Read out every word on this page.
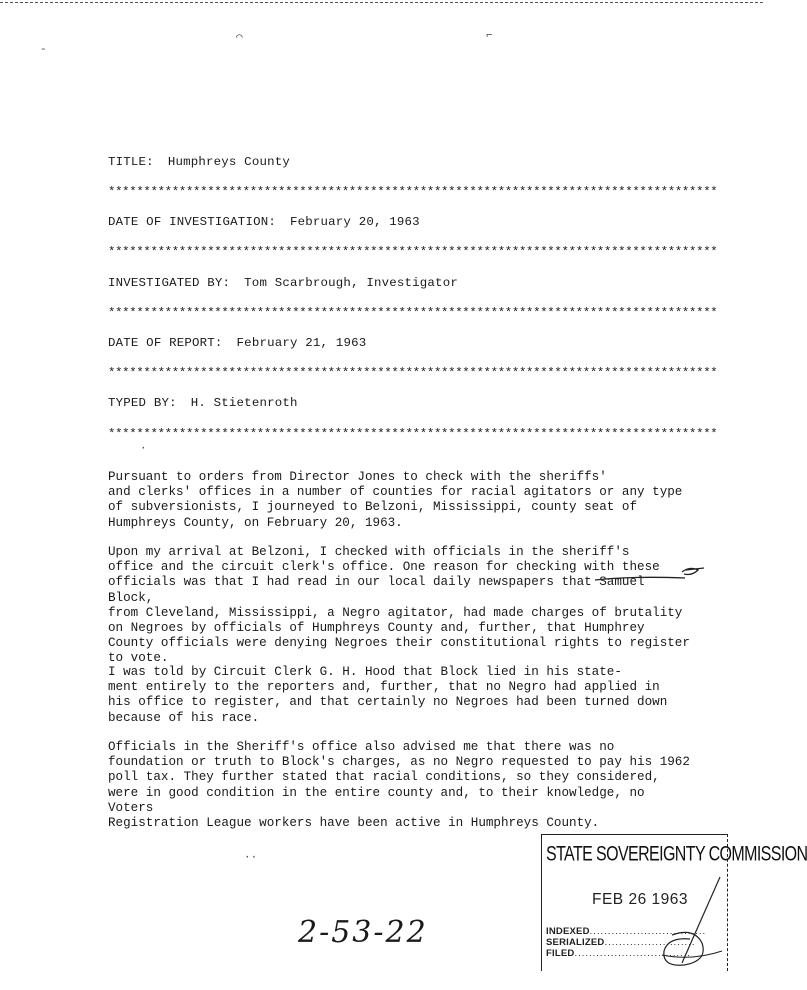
⌒	⌐
-
TITLE: Humphreys County
**************************************************************************************
DATE OF INVESTIGATION: February 20, 1963
**************************************************************************************
INVESTIGATED BY: Tom Scarbrough, Investigator
**************************************************************************************
DATE OF REPORT: February 21, 1963
**************************************************************************************
TYPED BY: H. Stietenroth
**************************************************************************************
Pursuant to orders from Director Jones to check with the sheriffs'
and clerks' offices in a number of counties for racial agitators or any type
of subversionists, I journeyed to Belzoni, Mississippi, county seat of
Humphreys County, on February 20, 1963.
Upon my arrival at Belzoni, I checked with officials in the sheriff's
office and the circuit clerk's office. One reason for checking with these
officials was that I had read in our local daily newspapers that Samuel Block,
from Cleveland, Mississippi, a Negro agitator, had made charges of brutality
on Negroes by officials of Humphreys County and, further, that Humphrey
County officials were denying Negroes their constitutional rights to register
to vote.
I was told by Circuit Clerk G. H. Hood that Block lied in his state-
ment entirely to the reporters and, further, that no Negro had applied in
his office to register, and that certainly no Negroes had been turned down
because of his race.
Officials in the Sheriff's office also advised me that there was no
foundation or truth to Block's charges, as no Negro requested to pay his 1962
poll tax. They further stated that racial conditions, so they considered,
were in good condition in the entire county and, to their knowledge, no Voters
Registration League workers have been active in Humphreys County.
STATE SOVEREIGNTY COMMISSION
FEB 26 1963
INDEXED................................
SERIALIZED.........................
FILED................................
2-53-22
··
·
